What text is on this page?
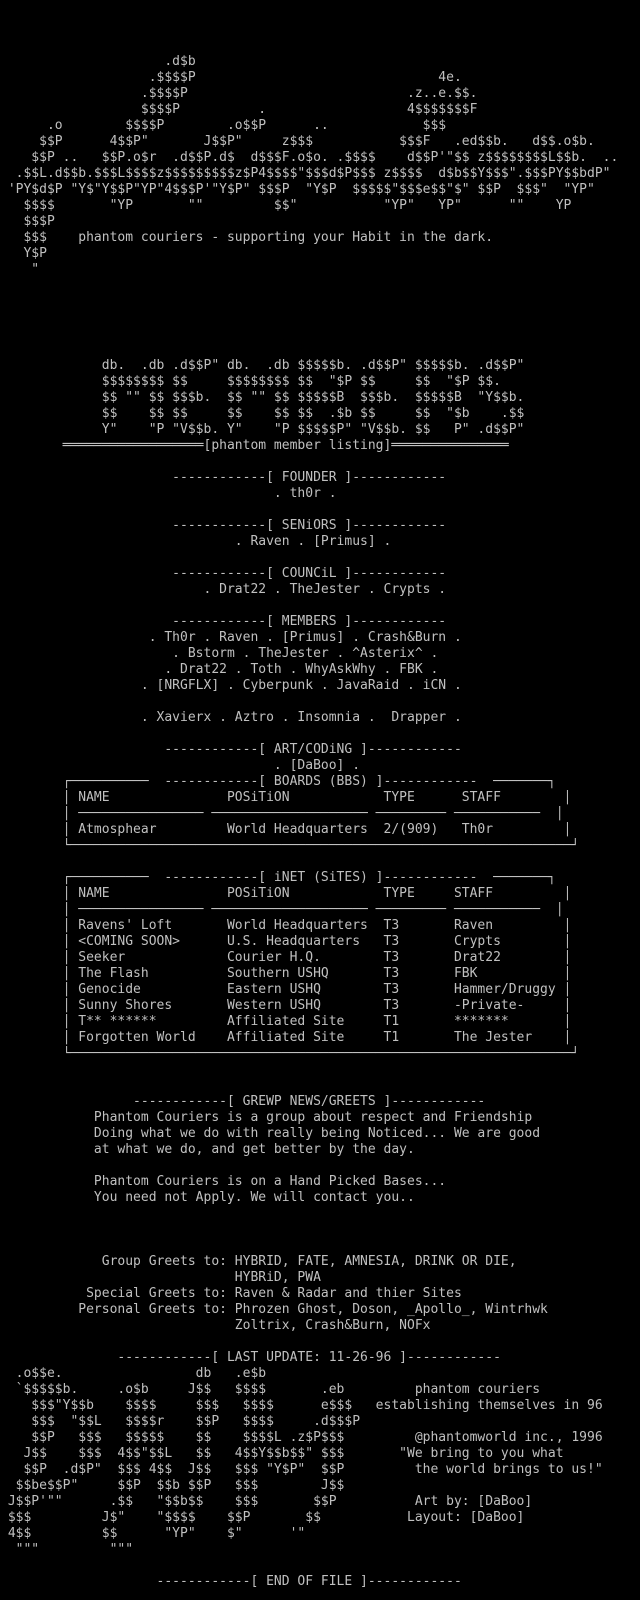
.d$b
.$$$$P                               4e.
.$$$$P                            .z..e.$$.
$$$$P          .                  4$$$$$$$F
.o        $$$$P        .o$$P      ..            $$$
$$P      4$$P"       J$$P"     z$$$           $$$F   .ed$$b.   d$$.o$b.
$$P ..   $$P.o$r  .d$$P.d$  d$$$F.o$o. .$$$$    d$$P'"$$ z$$$$$$$$L$$b.  ..
.$$L.d$$b.$$$L$$$$z$$$$$$$$$z$P4$$$$"$$$d$P$$$ z$$$$  d$b$$Y$$$".$$$PY$$bdP"
'PY$d$P "Y$"Y$$P"YP"4$$$P'"Y$P" $$$P  "Y$P  $$$$$"$$$e$$"$" $$P  $$$"  "YP"
$$$$       "YP       ""         $$"           "YP"   YP"      ""    YP
$$$P
$$$    phantom couriers - supporting your Habit in the dark.
Y$P
"
db.  .db .d$$P" db.  .db $$$$$b. .d$$P" $$$$$b. .d$$P"
$$$$$$$$ $$     $$$$$$$$ $$  "$P $$     $$  "$P $$.
$$ "" $$ $$$b.  $$ "" $$ $$$$$B  $$$b.  $$$$$B  "Y$$b.
$$    $$ $$     $$    $$ $$  .$b $$     $$  "$b    .$$
Y"    "P "V$$b. Y"    "P $$$$$P" "V$$b. $$   P" .d$$P"
══════════════════[phantom member listing]═══════════════
------------[ FOUNDER ]------------
. th0r .
------------[ SENiORS ]------------
. Raven . [Primus] .
------------[ COUNCiL ]------------
. Drat22 . TheJester . Crypts .
------------[ MEMBERS ]------------
. Th0r . Raven . [Primus] . Crash&Burn .
. Bstorm . TheJester . ^Asterix^ .
. Drat22 . Toth . WhyAskWhy . FBK .
. [NRGFLX] . Cyberpunk . JavaRaid . iCN .
. Xavierx . Aztro . Insomnia .  Drapper .
------------[ ART/CODiNG ]------------
. [DaBoo] .
┌──────────  ------------[ BOARDS (BBS) ]------------  ───────┐
│ NAME               POSiTiON            TYPE      STAFF        │
│ ──────────────── ──────────────────── ───────── ───────────  │
│ Atmosphear         World Headquarters  2/(909)   Th0r         │
└────────────────────────────────────────────────────────────────┘
┌──────────  ------------[ iNET (SiTES) ]------------  ───────┐
│ NAME               POSiTiON            TYPE     STAFF         │
│ ──────────────── ──────────────────── ───────── ───────────  │
│ Ravens' Loft       World Headquarters  T3       Raven         │
│ <COMING SOON>      U.S. Headquarters   T3       Crypts        │
│ Seeker             Courier H.Q.        T3       Drat22        │
│ The Flash          Southern USHQ       T3       FBK           │
│ Genocide           Eastern USHQ        T3       Hammer/Druggy │
│ Sunny Shores       Western USHQ        T3       -Private-     │
│ T** ******         Affiliated Site     T1       *******       │
│ Forgotten World    Affiliated Site     T1       The Jester    │
└────────────────────────────────────────────────────────────────┘
------------[ GREWP NEWS/GREETS ]------------
Phantom Couriers is a group about respect and Friendship
Doing what we do with really being Noticed... We are good
at what we do, and get better by the day.
Phantom Couriers is on a Hand Picked Bases...
You need not Apply. We will contact you..
Group Greets to: HYBRID, FATE, AMNESIA, DRINK OR DIE,
HYBRiD, PWA
Special Greets to: Raven & Radar and thier Sites
Personal Greets to: Phrozen Ghost, Doson, _Apollo_, Wintrhwk
Zoltrix, Crash&Burn, NOFx
------------[ LAST UPDATE: 11-26-96 ]------------
.o$$e.                 db   .e$b
`$$$$$b.     .o$b     J$$   $$$$       .eb         phantom couriers
$$$"Y$$b    $$$$     $$$   $$$$      e$$$   establishing themselves in 96
$$$  "$$L   $$$$r    $$P   $$$$     .d$$$P
$$P   $$$   $$$$$    $$    $$$$L .z$P$$$         @phantomworld inc., 1996
J$$    $$$  4$$"$$L   $$   4$$Y$$b$$" $$$       "We bring to you what
$$P  .d$P"  $$$ 4$$  J$$   $$$ "Y$P"  $$P         the world brings to us!"
$$be$$P"     $$P  $$b $$P   $$$        J$$
J$$P'""      .$$   "$$b$$    $$$       $$P          Art by: [DaBoo]
$$$         J$"    "$$$$    $$P       $$           Layout: [DaBoo]
4$$         $$      "YP"    $"      '"
"""         """
------------[ END OF FILE ]------------
